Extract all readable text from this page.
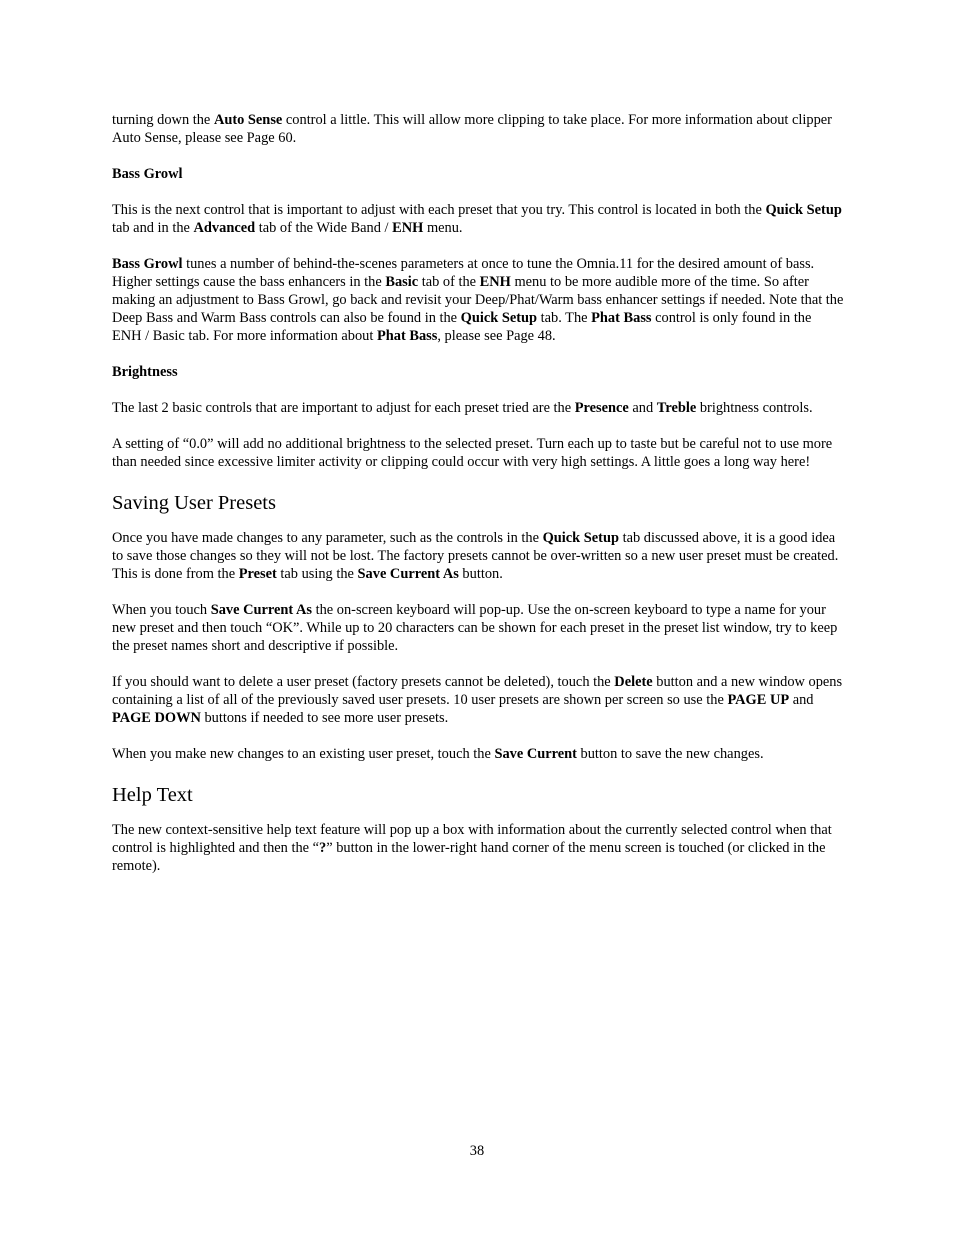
turning down the Auto Sense control a little. This will allow more clipping to take place. For more information about clipper Auto Sense, please see Page 60.

Bass Growl

This is the next control that is important to adjust with each preset that you try. This control is located in both the Quick Setup tab and in the Advanced tab of the Wide Band / ENH menu.

Bass Growl tunes a number of behind-the-scenes parameters at once to tune the Omnia.11 for the desired amount of bass. Higher settings cause the bass enhancers in the Basic tab of the ENH menu to be more audible more of the time. So after making an adjustment to Bass Growl, go back and revisit your Deep/Phat/Warm bass enhancer settings if needed. Note that the Deep Bass and Warm Bass controls can also be found in the Quick Setup tab. The Phat Bass control is only found in the ENH / Basic tab. For more information about Phat Bass, please see Page 48.

Brightness

The last 2 basic controls that are important to adjust for each preset tried are the Presence and Treble brightness controls.

A setting of “0.0” will add no additional brightness to the selected preset. Turn each up to taste but be careful not to use more than needed since excessive limiter activity or clipping could occur with very high settings. A little goes a long way here!

Saving User Presets

Once you have made changes to any parameter, such as the controls in the Quick Setup tab discussed above, it is a good idea to save those changes so they will not be lost. The factory presets cannot be over-written so a new user preset must be created. This is done from the Preset tab using the Save Current As button.

When you touch Save Current As the on-screen keyboard will pop-up. Use the on-screen keyboard to type a name for your new preset and then touch “OK”. While up to 20 characters can be shown for each preset in the preset list window, try to keep the preset names short and descriptive if possible.

If you should want to delete a user preset (factory presets cannot be deleted), touch the Delete button and a new window opens containing a list of all of the previously saved user presets. 10 user presets are shown per screen so use the PAGE UP and PAGE DOWN buttons if needed to see more user presets.

When you make new changes to an existing user preset, touch the Save Current button to save the new changes.

Help Text

The new context-sensitive help text feature will pop up a box with information about the currently selected control when that control is highlighted and then the “?” button in the lower-right hand corner of the menu screen is touched (or clicked in the remote).

38
